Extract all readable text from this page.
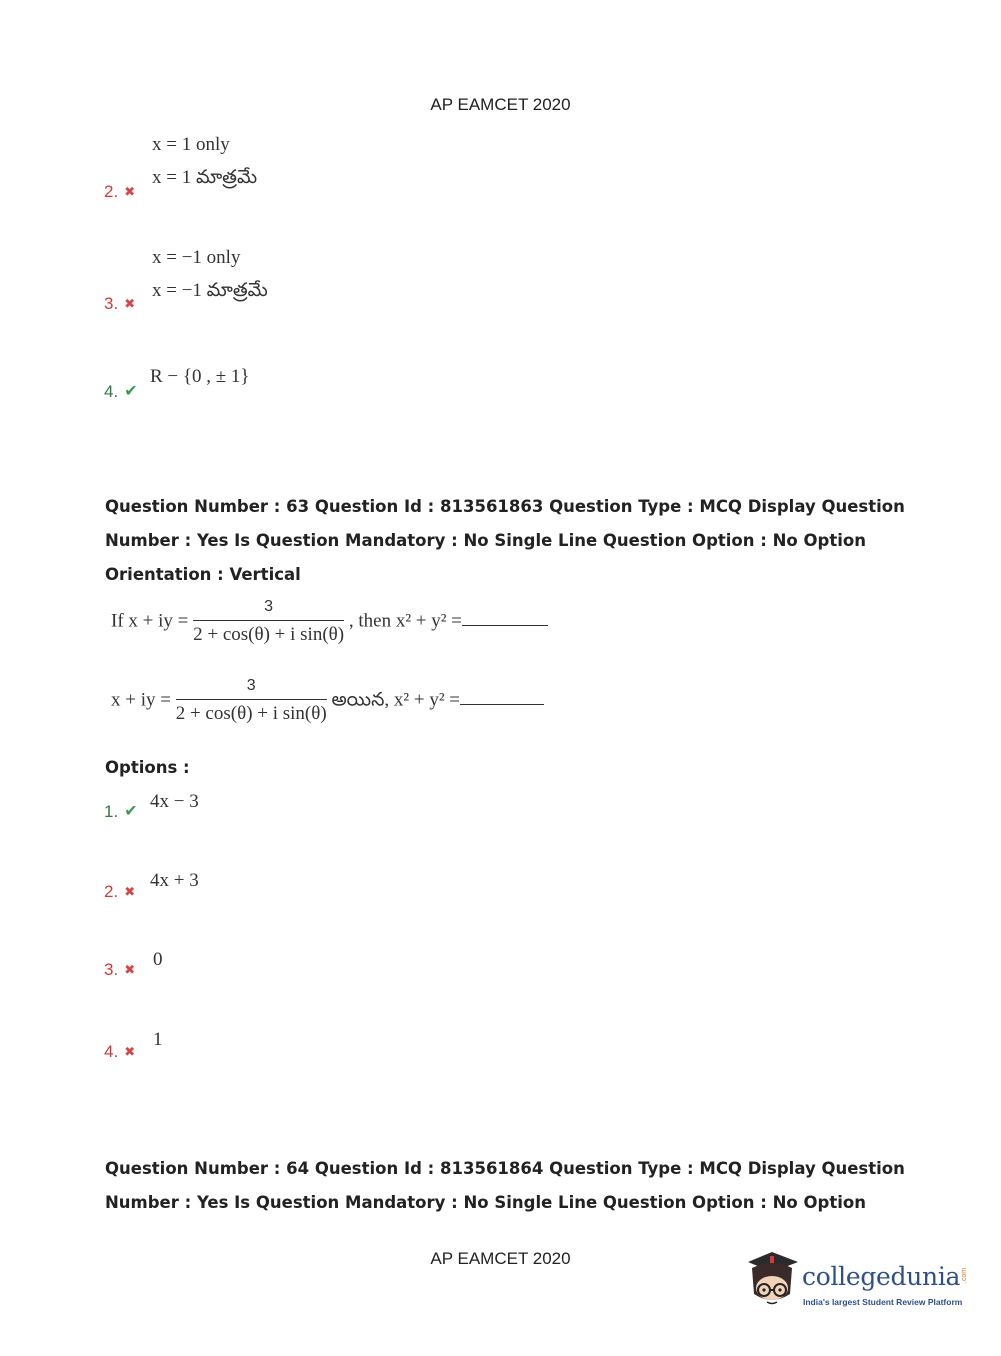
AP EAMCET 2020
x = 1 only
x = 1 మాత్రమే
2. ✖
x = −1 only
x = −1 మాత్రమే
3. ✖
R − {0 , ± 1}
4. ✔
Question Number : 63 Question Id : 813561863 Question Type : MCQ Display Question
Number : Yes Is Question Mandatory : No Single Line Question Option : No Option
Orientation : Vertical
If x + iy = $\frac{3}{\text{2 + cos(θ) + i sin(θ)}}$ , then x² + y² =
x + iy = $\frac{3}{\text{2 + cos(θ) + i sin(θ)}}$ అయిన, x² + y² =
Options :
1. ✔ 4x − 3
2. ✖
4x + 3
3. ✖ 0
4. ✖
1
Question Number : 64 Question Id : 813561864 Question Type : MCQ Display Question
Number : Yes Is Question Mandatory : No Single Line Question Option : No Option
AP EAMCET 2020
collegedunia .com
India's largest Student Review Platform
